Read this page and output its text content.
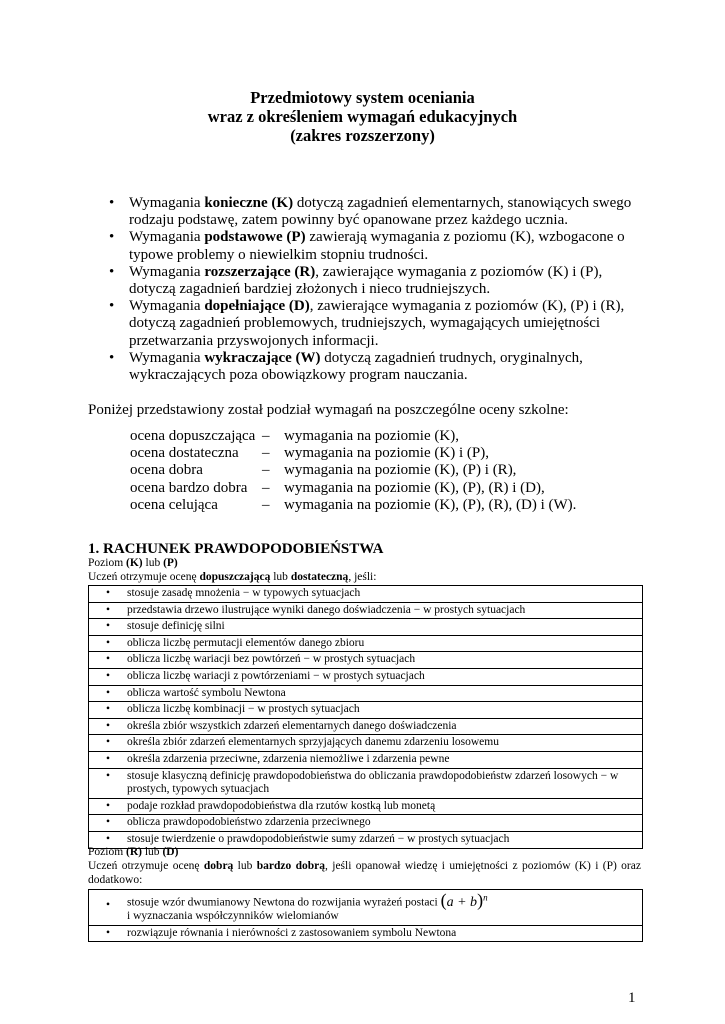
Przedmiotowy system oceniania
wraz z określeniem wymagań edukacyjnych
(zakres rozszerzony)
• Wymagania konieczne (K) dotyczą zagadnień elementarnych, stanowiących swego rodzaju podstawę, zatem powinny być opanowane przez każdego ucznia.
• Wymagania podstawowe (P) zawierają wymagania z poziomu (K), wzbogacone o typowe problemy o niewielkim stopniu trudności.
• Wymagania rozszerzające (R), zawierające wymagania z poziomów (K) i (P), dotyczą zagadnień bardziej złożonych i nieco trudniejszych.
• Wymagania dopełniające (D), zawierające wymagania z poziomów (K), (P) i (R), dotyczą zagadnień problemowych, trudniejszych, wymagających umiejętności przetwarzania przyswojonych informacji.
• Wymagania wykraczające (W) dotyczą zagadnień trudnych, oryginalnych, wykraczających poza obowiązkowy program nauczania.
Poniżej przedstawiony został podział wymagań na poszczególne oceny szkolne:
ocena dopuszczająca – wymagania na poziomie (K),
ocena dostateczna – wymagania na poziomie (K) i (P),
ocena dobra	– wymagania na poziomie (K), (P) i (R),
ocena bardzo dobra – wymagania na poziomie (K), (P), (R) i (D),
ocena celująca	– wymagania na poziomie (K), (P), (R), (D) i (W).
1. RACHUNEK PRAWDOPODOBIEŃSTWA
Poziom (K) lub (P)
Uczeń otrzymuje ocenę dopuszczającą lub dostateczną, jeśli:
•	stosuje zasadę mnożenia − w typowych sytuacjach

•	przedstawia drzewo ilustrujące wyniki danego doświadczenia − w prostych sytuacjach

•	stosuje definicję silni

•	oblicza liczbę permutacji elementów danego zbioru

•	oblicza liczbę wariacji bez powtórzeń − w prostych sytuacjach

•	oblicza liczbę wariacji z powtórzeniami − w prostych sytuacjach

•	oblicza wartość symbolu Newtona

•	oblicza liczbę kombinacji − w prostych sytuacjach

•	określa zbiór wszystkich zdarzeń elementarnych danego doświadczenia

•	określa zbiór zdarzeń elementarnych sprzyjających danemu zdarzeniu losowemu

•	określa zdarzenia przeciwne, zdarzenia niemożliwe i zdarzenia pewne

•	stosuje klasyczną definicję prawdopodobieństwa do obliczania prawdopodobieństw zdarzeń losowych − w prostych, typowych sytuacjach

•	podaje rozkład prawdopodobieństwa dla rzutów kostką lub monetą

•	oblicza prawdopodobieństwo zdarzenia przeciwnego

•	stosuje twierdzenie o prawdopodobieństwie sumy zdarzeń − w prostych sytuacjach
Poziom (R) lub (D)
Uczeń otrzymuje ocenę dobrą lub bardzo dobrą, jeśli opanował wiedzę i umiejętności z poziomów (K) i (P) oraz dodatkowo:
•	stosuje wzór dwumianowy Newtona do rozwijania wyrażeń postaci $(a + b)^n$
i wyznaczania współczynników wielomianów

•	rozwiązuje równania i nierówności z zastosowaniem symbolu Newtona
1
